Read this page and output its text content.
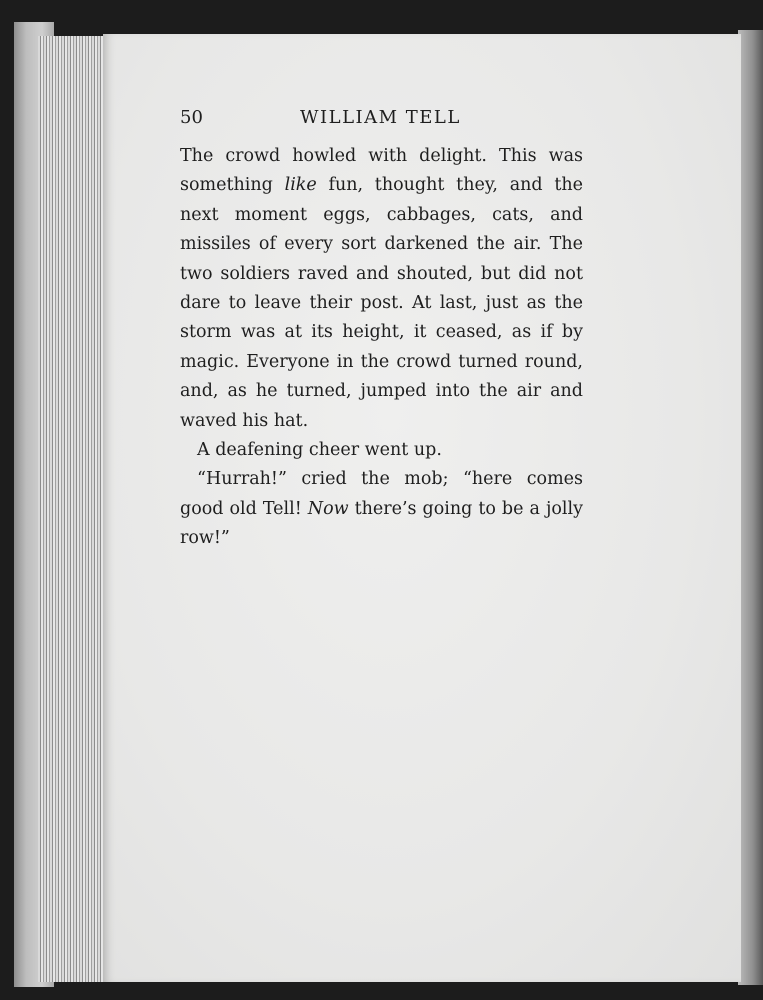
50	WILLIAM TELL

The crowd howled with delight. This was something like fun, thought they, and the next moment eggs, cabbages, cats, and missiles of every sort darkened the air. The two soldiers raved and shouted, but did not dare to leave their post. At last, just as the storm was at its height, it ceased, as if by magic. Everyone in the crowd turned round, and, as he turned, jumped into the air and waved his hat.

A deafening cheer went up.

“Hurrah!” cried the mob; “here comes good old Tell! Now there’s going to be a jolly row!”
